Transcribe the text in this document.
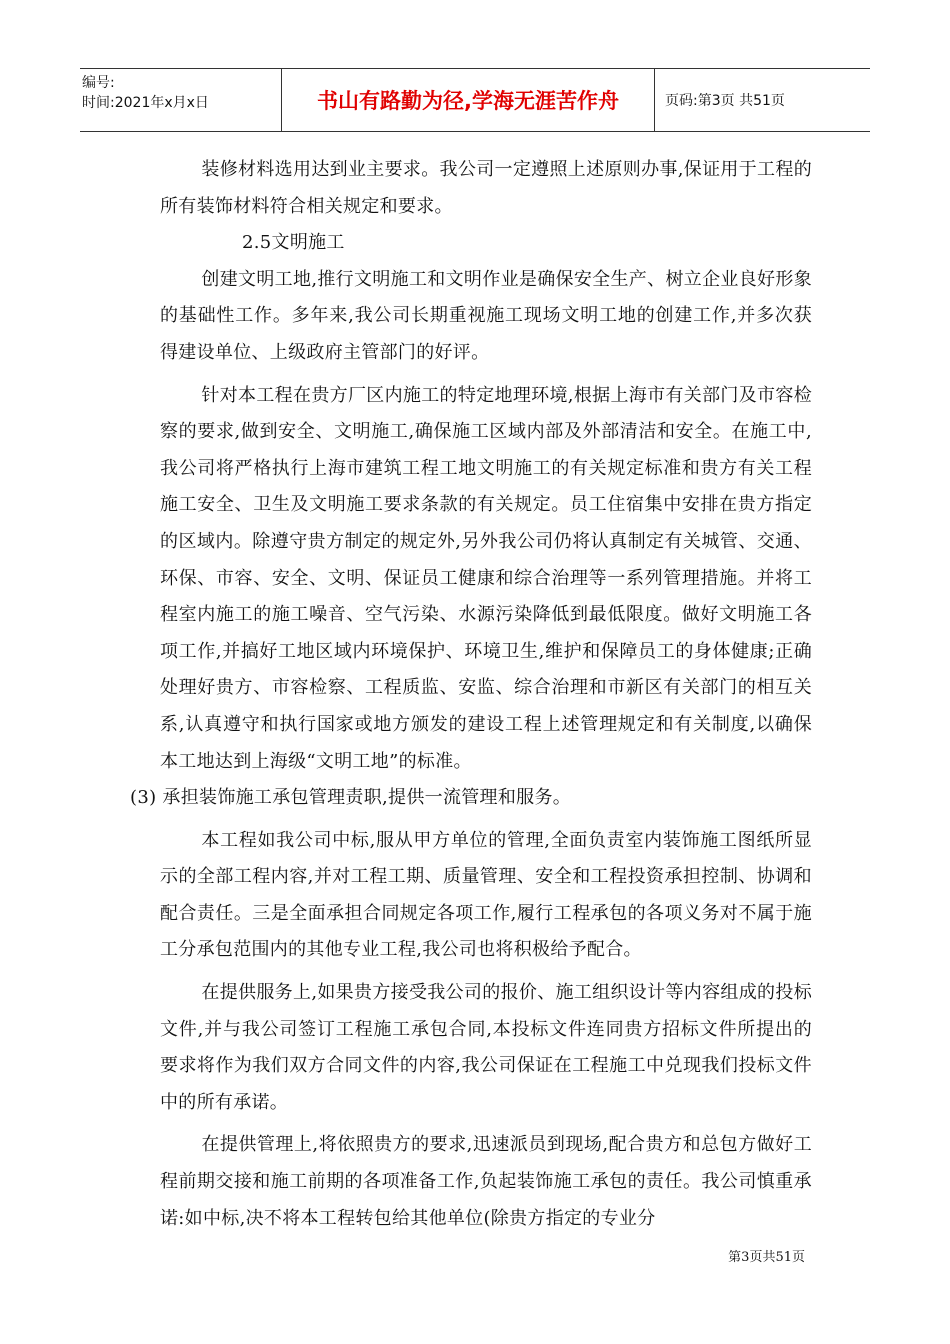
编号:
时间:2021年x月x日	书山有路勤为径,学海无涯苦作舟	页码:第3页 共51页

装修材料选用达到业主要求。我公司一定遵照上述原则办事,保证用于工程的所有装饰材料符合相关规定和要求。

2.5文明施工

创建文明工地,推行文明施工和文明作业是确保安全生产、树立企业良好形象的基础性工作。多年来,我公司长期重视施工现场文明工地的创建工作,并多次获得建设单位、上级政府主管部门的好评。

针对本工程在贵方厂区内施工的特定地理环境,根据上海市有关部门及市容检察的要求,做到安全、文明施工,确保施工区域内部及外部清洁和安全。在施工中,我公司将严格执行上海市建筑工程工地文明施工的有关规定标准和贵方有关工程施工安全、卫生及文明施工要求条款的有关规定。员工住宿集中安排在贵方指定的区域内。除遵守贵方制定的规定外,另外我公司仍将认真制定有关城管、交通、环保、市容、安全、文明、保证员工健康和综合治理等一系列管理措施。并将工程室内施工的施工噪音、空气污染、水源污染降低到最低限度。做好文明施工各项工作,并搞好工地区域内环境保护、环境卫生,维护和保障员工的身体健康;正确处理好贵方、市容检察、工程质监、安监、综合治理和市新区有关部门的相互关系,认真遵守和执行国家或地方颁发的建设工程上述管理规定和有关制度,以确保本工地达到上海级“文明工地”的标准。

(3) 承担装饰施工承包管理责职,提供一流管理和服务。

本工程如我公司中标,服从甲方单位的管理,全面负责室内装饰施工图纸所显示的全部工程内容,并对工程工期、质量管理、安全和工程投资承担控制、协调和配合责任。三是全面承担合同规定各项工作,履行工程承包的各项义务对不属于施工分承包范围内的其他专业工程,我公司也将积极给予配合。

在提供服务上,如果贵方接受我公司的报价、施工组织设计等内容组成的投标文件,并与我公司签订工程施工承包合同,本投标文件连同贵方招标文件所提出的要求将作为我们双方合同文件的内容,我公司保证在工程施工中兑现我们投标文件中的所有承诺。

在提供管理上,将依照贵方的要求,迅速派员到现场,配合贵方和总包方做好工程前期交接和施工前期的各项准备工作,负起装饰施工承包的责任。我公司慎重承诺:如中标,决不将本工程转包给其他单位(除贵方指定的专业分

第3页共51页
